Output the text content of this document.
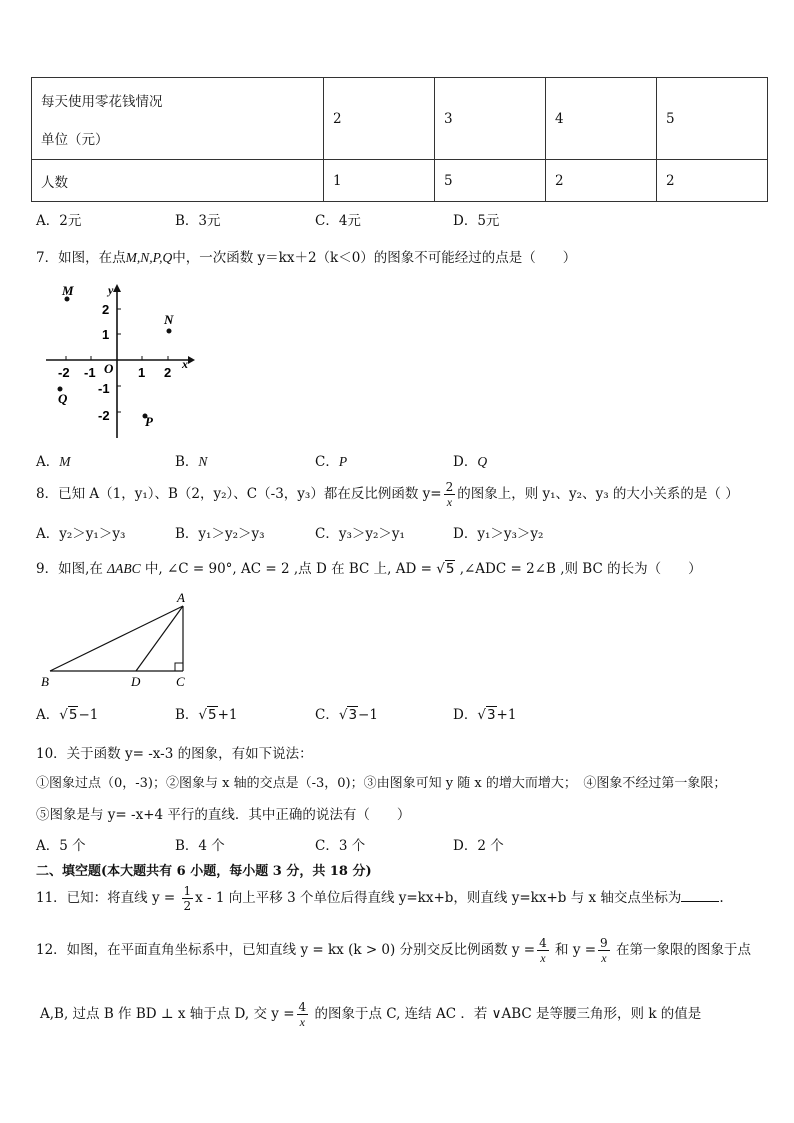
每天使用零花钱情况
单位（元）	2	3	4	5
人数	1	5	2	2
A．2元	B．3元	C．4元	D．5元
7．如图，在点M,N,P,Q中，一次函数 y＝kx＋2（k＜0）的图象不可能经过的点是（　　）
y
x
O
-2 -1	1 2
2
1
-1
-2
M
N
Q
P
A．M	B．N	C．P	D．Q
8．已知 A（1，y₁）、B（2，y₂）、C（-3，y₃）都在反比例函数 $y= \frac{2}{x}$ 的图象上，则 y₁、y₂、y₃ 的大小关系的是（ ）
A．y₂＞y₁＞y₃	B．y₁＞y₂＞y₃	C．y₃＞y₂＞y₁	D．y₁＞y₃＞y₂
9．如图,在 ΔABC 中, ∠C = 90°, AC = 2 ,点 D 在 BC 上, AD = √5 ,∠ADC = 2∠B ,则 BC 的长为（　　）
A
B	D	C
A．√5−1	B．√5+1	C．√3−1	D．√3+1
10．关于函数 y= -x-3 的图象，有如下说法：
①图象过点（0，-3)；②图象与 x 轴的交点是（-3，0)；③由图象可知 y 随 x 的增大而增大；　④图象不经过第一象限；
⑤图象是与 y= -x+4 平行的直线．其中正确的说法有（　　）
A．5 个	B．4 个	C．3 个	D．2 个
二、填空题(本大题共有 6 小题，每小题 3 分，共 18 分)
11．已知：将直线 $y = \frac{1}{2}$ x - 1 向上平移 3 个单位后得直线 y=kx+b，则直线 y=kx+b 与 x 轴交点坐标为	.
12．如图，在平面直角坐标系中，已知直线 y = kx (k > 0) 分别交反比例函数 $y = \frac{4}{x}$ 和 $y = \frac{9}{x}$ 在第一象限的图象于点
A,B, 过点 B 作 BD ⊥ x 轴于点 D, 交 $y = \frac{4}{x}$ 的图象于点 C, 连结 AC ．若 ∨ABC 是等腰三角形，则 k 的值是
